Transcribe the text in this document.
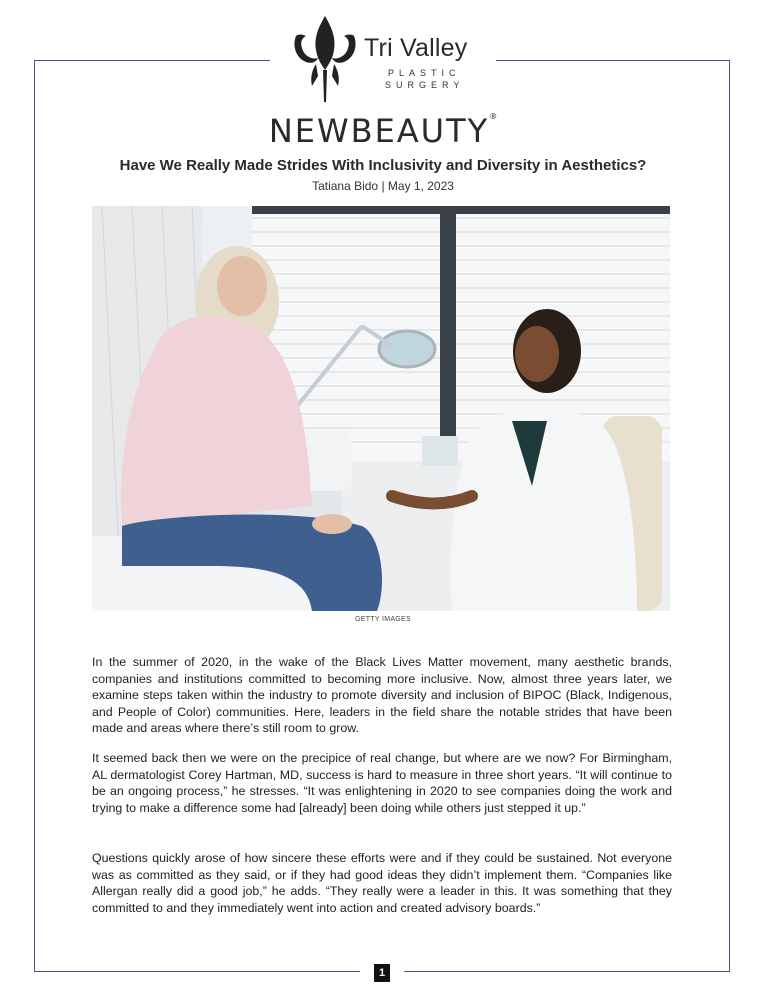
Tri Valley
PLASTIC
SURGERY
NEWBEAUTY®
Have We Really Made Strides With Inclusivity and Diversity in Aesthetics?
Tatiana Bido | May 1, 2023
GETTY IMAGES

In the summer of 2020, in the wake of the Black Lives Matter movement, many aesthetic brands, companies and institutions committed to becoming more inclusive. Now, almost three years later, we examine steps taken within the industry to promote diversity and inclusion of BIPOC (Black, Indigenous, and People of Color) communities. Here, leaders in the field share the notable strides that have been made and areas where there’s still room to grow.

It seemed back then we were on the precipice of real change, but where are we now? For Birmingham, AL dermatologist Corey Hartman, MD, success is hard to measure in three short years. “It will continue to be an ongoing process,” he stresses. “It was enlightening in 2020 to see companies doing the work and trying to make a difference some had [already] been doing while others just stepped it up.”

Questions quickly arose of how sincere these efforts were and if they could be sustained. Not everyone was as committed as they said, or if they had good ideas they didn’t implement them. “Companies like Allergan really did a good job,” he adds. “They really were a leader in this. It was something that they committed to and they immediately went into action and created advisory boards.”

1
